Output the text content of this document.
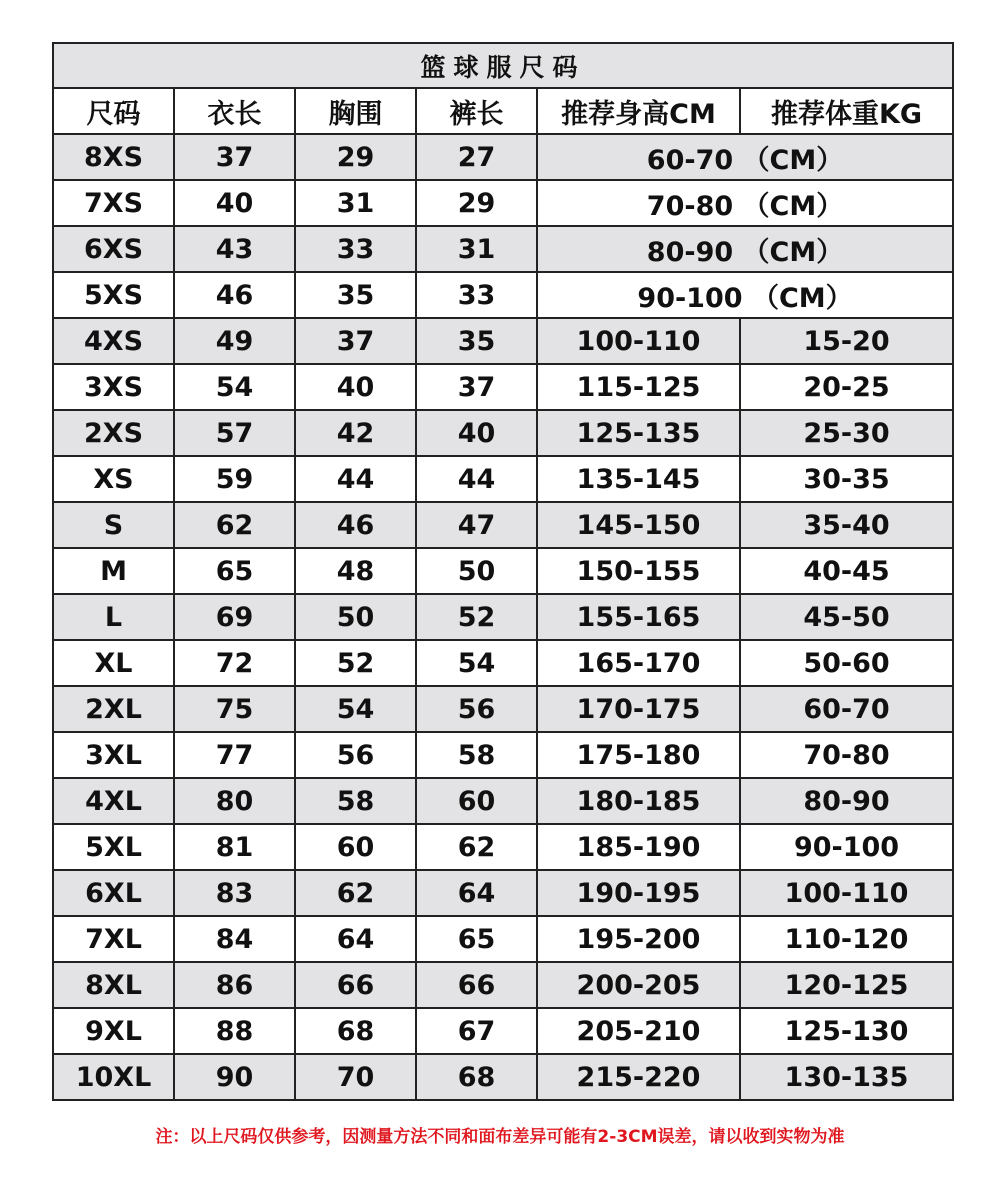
篮球服尺码					
尺码	衣长	胸围	裤长	推荐身高CM	推荐体重KG
8XS	37	29	27	60-70 （CM）	
7XS	40	31	29	70-80 （CM）	
6XS	43	33	31	80-90 （CM）	
5XS	46	35	33	90-100 （CM）	
4XS	49	37	35	100-110	15-20
3XS	54	40	37	115-125	20-25
2XS	57	42	40	125-135	25-30
XS	59	44	44	135-145	30-35
S	62	46	47	145-150	35-40
M	65	48	50	150-155	40-45
L	69	50	52	155-165	45-50
XL	72	52	54	165-170	50-60
2XL	75	54	56	170-175	60-70
3XL	77	56	58	175-180	70-80
4XL	80	58	60	180-185	80-90
5XL	81	60	62	185-190	90-100
6XL	83	62	64	190-195	100-110
7XL	84	64	65	195-200	110-120
8XL	86	66	66	200-205	120-125
9XL	88	68	67	205-210	125-130
10XL	90	70	68	215-220	130-135
注：以上尺码仅供参考，因测量方法不同和面布差异可能有2-3CM误差，请以收到实物为准
